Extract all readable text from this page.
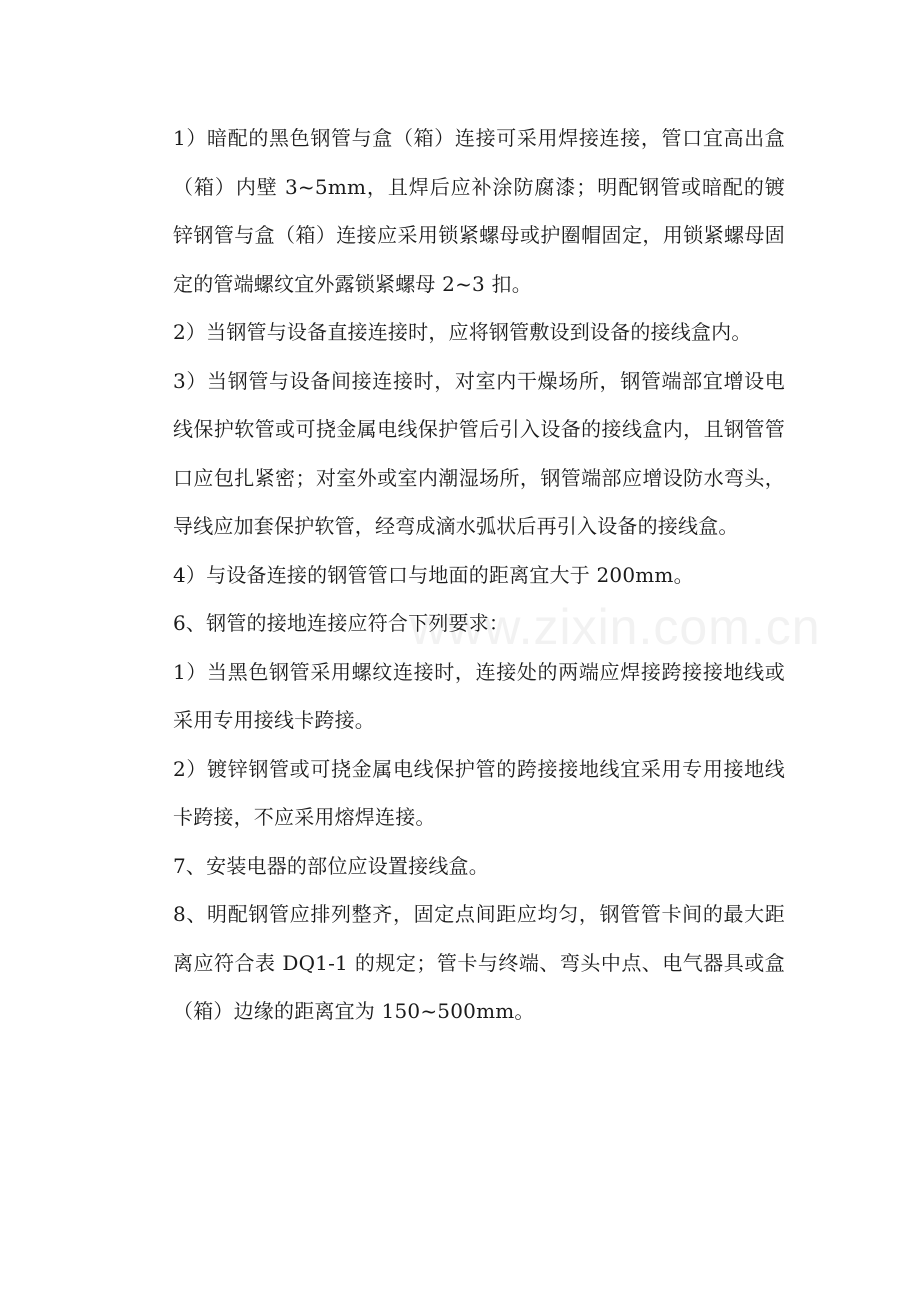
www.zixin.com.cn

1）暗配的黑色钢管与盒（箱）连接可采用焊接连接，管口宜高出盒（箱）内壁 3~5mm，且焊后应补涂防腐漆；明配钢管或暗配的镀锌钢管与盒（箱）连接应采用锁紧螺母或护圈帽固定，用锁紧螺母固定的管端螺纹宜外露锁紧螺母 2~3 扣。

2）当钢管与设备直接连接时，应将钢管敷设到设备的接线盒内。

3）当钢管与设备间接连接时，对室内干燥场所，钢管端部宜增设电线保护软管或可挠金属电线保护管后引入设备的接线盒内，且钢管管口应包扎紧密；对室外或室内潮湿场所，钢管端部应增设防水弯头，导线应加套保护软管，经弯成滴水弧状后再引入设备的接线盒。

4）与设备连接的钢管管口与地面的距离宜大于 200mm。

6、钢管的接地连接应符合下列要求：

1）当黑色钢管采用螺纹连接时，连接处的两端应焊接跨接接地线或采用专用接线卡跨接。

2）镀锌钢管或可挠金属电线保护管的跨接接地线宜采用专用接地线卡跨接，不应采用熔焊连接。

7、安装电器的部位应设置接线盒。

8、明配钢管应排列整齐，固定点间距应均匀，钢管管卡间的最大距离应符合表 DQ1-1 的规定；管卡与终端、弯头中点、电气器具或盒（箱）边缘的距离宜为 150~500mm。
